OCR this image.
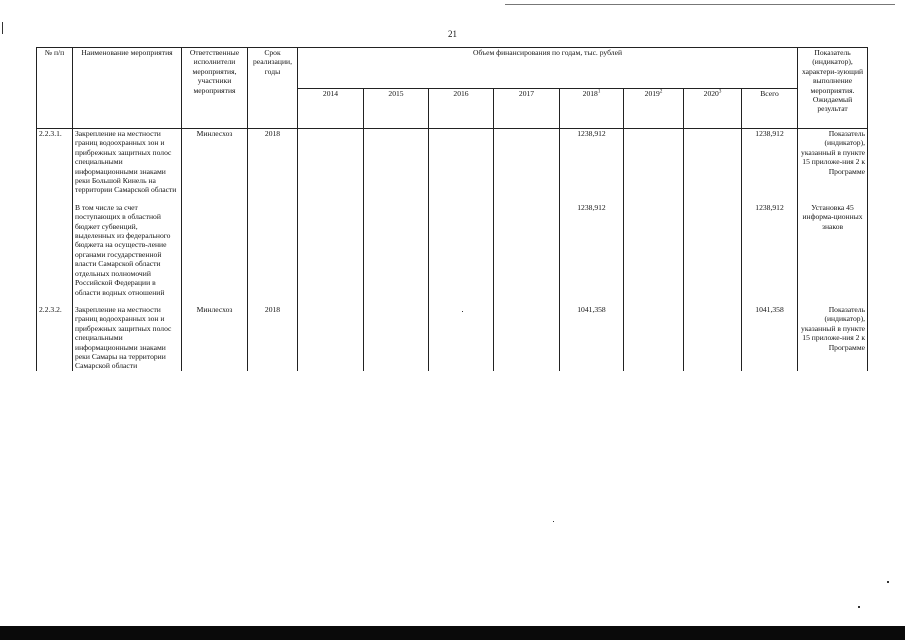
21
№ п/п	Наименование мероприятия	Ответственные исполнители мероприятия, участники мероприятия	Срок реализации, годы	Объем финансирования по годам, тыс. рублей								Показатель (индикатор), характери-зующий выполнение мероприятия. Ожидаемый результат
				2014	2015	2016	2017	2018$^1$	2019$^2$	2020$^3$	Всего	
2.2.3.1.	Закрепление на местности границ водоохранных зон и прибрежных защитных полос специальными информационными знаками реки Большой Кинель на территории Самарской области	Минлесхоз	2018					1238,912			1238,912	Показатель (индикатор), указанный в пункте 15 приложе-ния 2 к Программе

	В том числе за счет поступающих в областной бюджет субвенций, выделенных из федерального бюджета на осуществ-ление органами государственной власти Самарской области отдельных полномочий Российской Федерации в области водных отношений							1238,912			1238,912	Установка 45 информа-ционных знаков

2.2.3.2.	Закрепление на местности границ водоохранных зон и прибрежных защитных полос специальными информационными знаками реки Самары на территории Самарской области	Минлесхоз	2018					1041,358			1041,358	Показатель (индикатор), указанный в пункте 15 приложе-ния 2 к Программе
